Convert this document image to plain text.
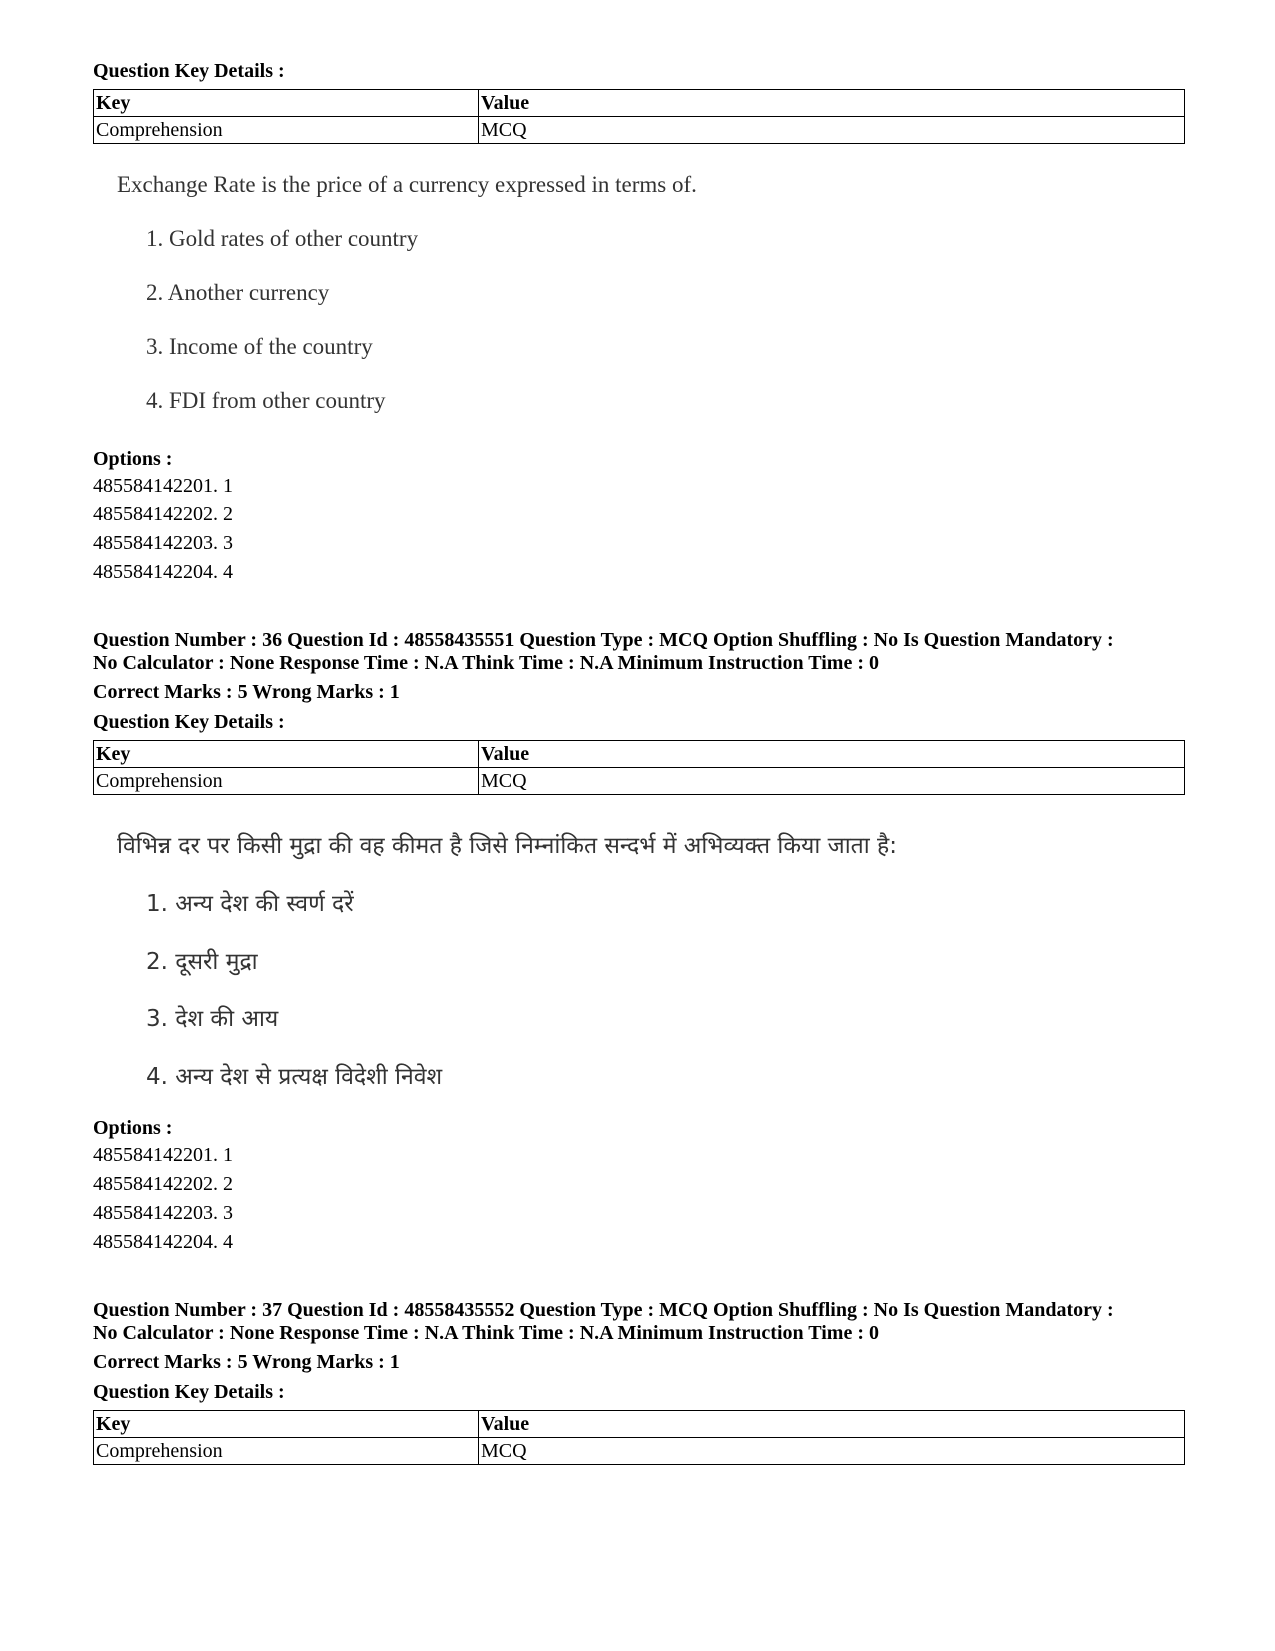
Question Key Details :
Key	Value
Comprehension	MCQ
Exchange Rate is the price of a currency expressed in terms of.
1. Gold rates of other country
2. Another currency
3. Income of the country
4. FDI from other country
Options :
485584142201. 1
485584142202. 2
485584142203. 3
485584142204. 4
Question Number : 36 Question Id : 48558435551 Question Type : MCQ Option Shuffling : No Is Question Mandatory :
No Calculator : None Response Time : N.A Think Time : N.A Minimum Instruction Time : 0
Correct Marks : 5 Wrong Marks : 1
Question Key Details :
Key	Value
Comprehension	MCQ
विभिन्न दर पर किसी मुद्रा की वह कीमत है जिसे निम्नांकित सन्दर्भ में अभिव्यक्त किया जाता है:
1. अन्य देश की स्वर्ण दरें
2. दूसरी मुद्रा
3. देश की आय
4. अन्य देश से प्रत्यक्ष विदेशी निवेश
Options :
485584142201. 1
485584142202. 2
485584142203. 3
485584142204. 4
Question Number : 37 Question Id : 48558435552 Question Type : MCQ Option Shuffling : No Is Question Mandatory :
No Calculator : None Response Time : N.A Think Time : N.A Minimum Instruction Time : 0
Correct Marks : 5 Wrong Marks : 1
Question Key Details :
Key	Value
Comprehension	MCQ
